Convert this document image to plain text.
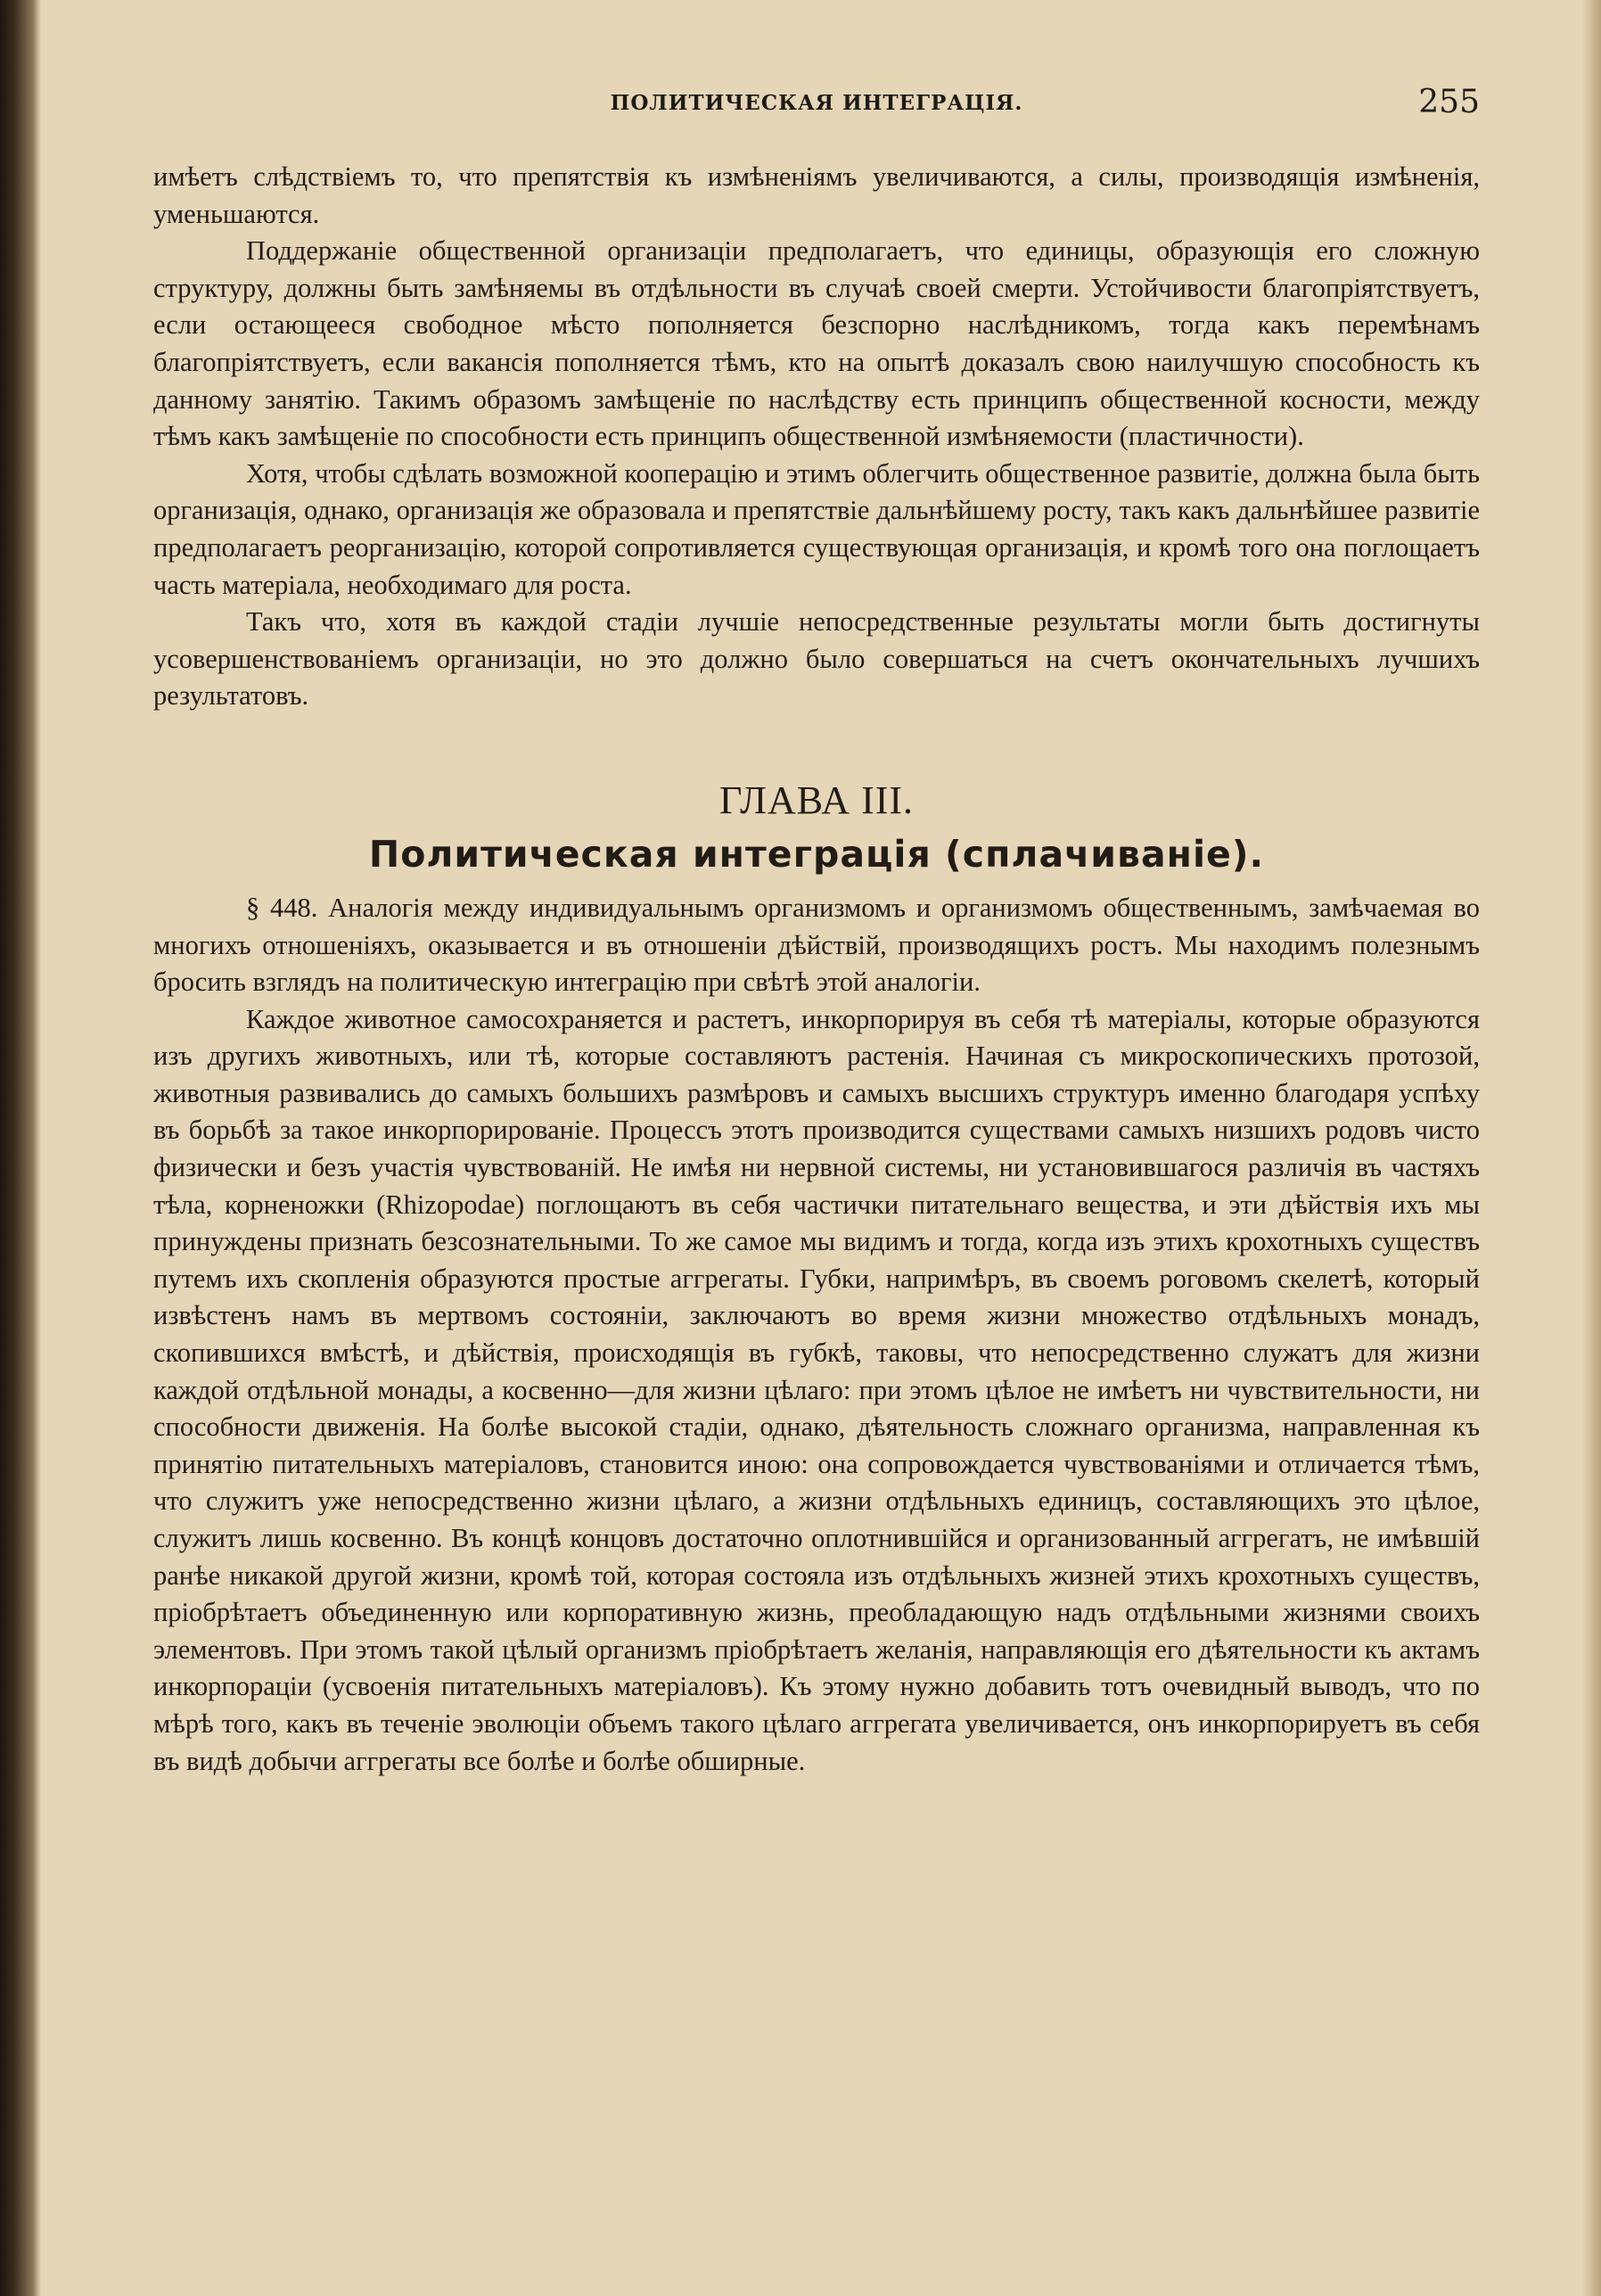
ПОЛИТИЧЕСКАЯ ИНТЕГРАЦІЯ.	255

имѣетъ слѣдствіемъ то, что препятствія къ измѣненіямъ увеличиваются, а силы, производящія измѣненія, уменьшаются.

Поддержаніе общественной организаціи предполагаетъ, что единицы, образующія его сложную структуру, должны быть замѣняемы въ отдѣльности въ случаѣ своей смерти. Устойчивости благопріятствуетъ, если остающееся свободное мѣсто пополняется безспорно наслѣдникомъ, тогда какъ перемѣнамъ благопріятствуетъ, если вакансія пополняется тѣмъ, кто на опытѣ доказалъ свою наилучшую способность къ данному занятію. Такимъ образомъ замѣщеніе по наслѣдству есть принципъ общественной косности, между тѣмъ какъ замѣщеніе по способности есть принципъ общественной измѣняемости (пластичности).

Хотя, чтобы сдѣлать возможной кооперацію и этимъ облегчить общественное развитіе, должна была быть организація, однако, организація же образовала и препятствіе дальнѣйшему росту, такъ какъ дальнѣйшее развитіе предполагаетъ реорганизацію, которой сопротивляется существующая организація, и кромѣ того она поглощаетъ часть матеріала, необходимаго для роста.

Такъ что, хотя въ каждой стадіи лучшіе непосредственные результаты могли быть достигнуты усовершенствованіемъ организаціи, но это должно было совершаться на счетъ окончательныхъ лучшихъ результатовъ.

ГЛАВА III.
Политическая интеграція (сплачиваніе).

§ 448. Аналогія между индивидуальнымъ организмомъ и организмомъ общественнымъ, замѣчаемая во многихъ отношеніяхъ, оказывается и въ отношеніи дѣйствій, производящихъ ростъ. Мы находимъ полезнымъ бросить взглядъ на политическую интеграцію при свѣтѣ этой аналогіи.

Каждое животное самосохраняется и растетъ, инкорпорируя въ себя тѣ матеріалы, которые образуются изъ другихъ животныхъ, или тѣ, которые составляютъ растенія. Начиная съ микроскопическихъ протозой, животныя развивались до самыхъ большихъ размѣровъ и самыхъ высшихъ структуръ именно благодаря успѣху въ борьбѣ за такое инкорпорированіе. Процессъ этотъ производится существами самыхъ низшихъ родовъ чисто физически и безъ участія чувствованій. Не имѣя ни нервной системы, ни установившагося различія въ частяхъ тѣла, корненожки (Rhizopodae) поглощаютъ въ себя частички питательнаго вещества, и эти дѣйствія ихъ мы принуждены признать безсознательными. То же самое мы видимъ и тогда, когда изъ этихъ крохотныхъ существъ путемъ ихъ скопленія образуются простые аггрегаты. Губки, напримѣръ, въ своемъ роговомъ скелетѣ, который извѣстенъ намъ въ мертвомъ состояніи, заключаютъ во время жизни множество отдѣльныхъ монадъ, скопившихся вмѣстѣ, и дѣйствія, происходящія въ губкѣ, таковы, что непосредственно служатъ для жизни каждой отдѣльной монады, а косвенно—для жизни цѣлаго: при этомъ цѣлое не имѣетъ ни чувствительности, ни способности движенія. На болѣе высокой стадіи, однако, дѣятельность сложнаго организма, направленная къ принятію питательныхъ матеріаловъ, становится иною: она сопровождается чувствованіями и отличается тѣмъ, что служитъ уже непосредственно жизни цѣлаго, а жизни отдѣльныхъ единицъ, составляющихъ это цѣлое, служитъ лишь косвенно. Въ концѣ концовъ достаточно оплотнившійся и организованный аггрегатъ, не имѣвшій ранѣе никакой другой жизни, кромѣ той, которая состояла изъ отдѣльныхъ жизней этихъ крохотныхъ существъ, пріобрѣтаетъ объединенную или корпоративную жизнь, преобладающую надъ отдѣльными жизнями своихъ элементовъ. При этомъ такой цѣлый организмъ пріобрѣтаетъ желанія, направляющія его дѣятельности къ актамъ инкорпораціи (усвоенія питательныхъ матеріаловъ). Къ этому нужно добавить тотъ очевидный выводъ, что по мѣрѣ того, какъ въ теченіе эволюціи объемъ такого цѣлаго аггрегата увеличивается, онъ инкорпорируетъ въ себя въ видѣ добычи аггрегаты все болѣе и болѣе обширные.
